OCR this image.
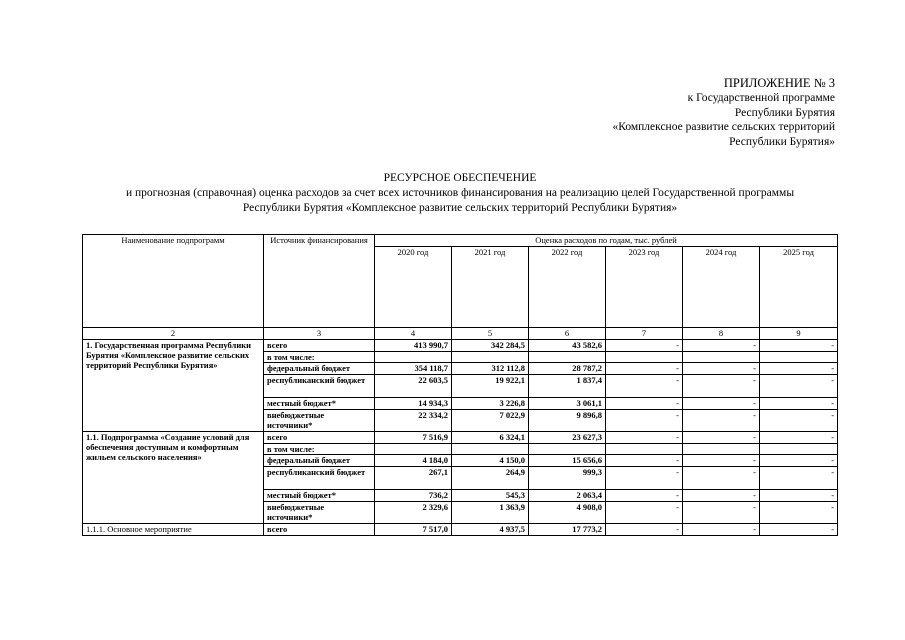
ПРИЛОЖЕНИЕ № 3
к Государственной программе
Республики Бурятия
«Комплексное развитие сельских территорий
Республики Бурятия»
РЕСУРСНОЕ ОБЕСПЕЧЕНИЕ
и прогнозная (справочная) оценка расходов за счет всех источников финансирования на реализацию целей Государственной программы
Республики Бурятия «Комплексное развитие сельских территорий Республики Бурятия»
Наименование подпрограмм	Источник финансирования	Оценка расходов по годам, тыс. рублей					
		2020 год	2021 год	2022 год	2023 год	2024 год	2025 год
2	3	4	5	6	7	8	9
1. Государственная программа Республики Бурятия «Комплексное развитие сельских территорий Республики Бурятия»	всего	413 990,7	342 284,5	43 582,6	-	-	-
	в том числе:						
	федеральный бюджет	354 118,7	312 112,8	28 787,2	-	-	-
	республиканский бюджет	22 603,5	19 922,1	1 837,4	-	-	-
	местный бюджет*	14 934,3	3 226,8	3 061,1	-	-	-
	внебюджетные источники*	22 334,2	7 022,9	9 896,8	-	-	-
1.1. Подпрограмма «Создание условий для обеспечения доступным и комфортным жильем сельского населения»	всего	7 516,9	6 324,1	23 627,3	-	-	-
	в том числе:						
	федеральный бюджет	4 184,0	4 150,0	15 656,6	-	-	-
	республиканский бюджет	267,1	264,9	999,3	-	-	-
	местный бюджет*	736,2	545,3	2 063,4	-	-	-
	внебюджетные источники*	2 329,6	1 363,9	4 908,0	-	-	-
1.1.1. Основное мероприятие	всего	7 517,0	4 937,5	17 773,2	-	-	-
